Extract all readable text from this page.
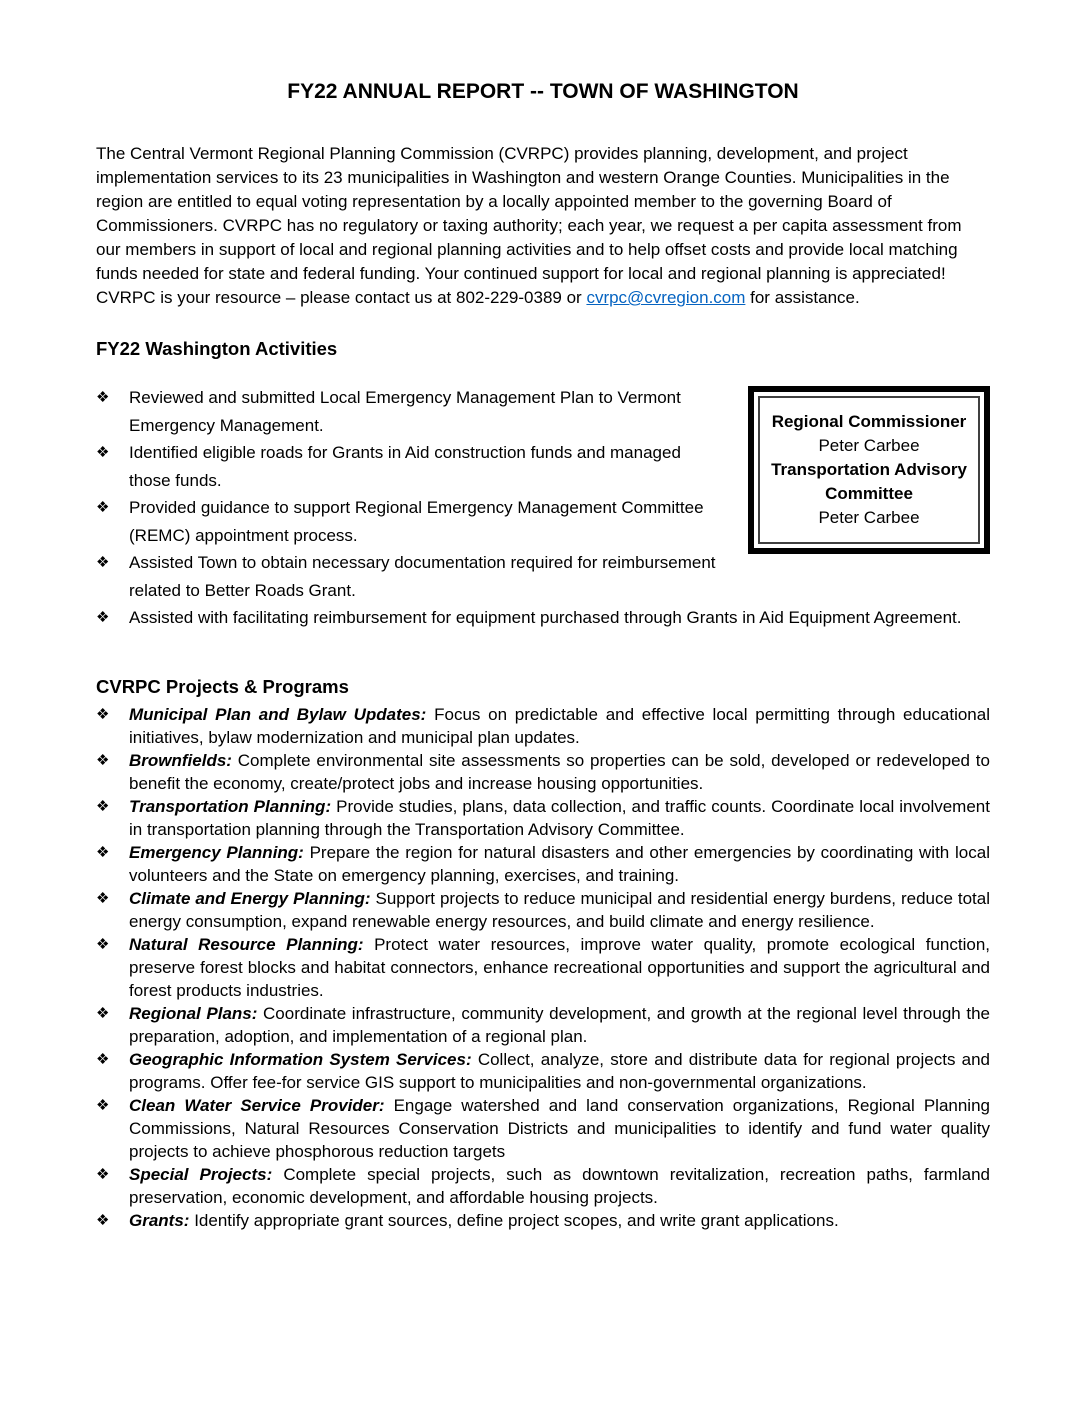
FY22 ANNUAL REPORT -- TOWN OF WASHINGTON

The Central Vermont Regional Planning Commission (CVRPC) provides planning, development, and project implementation services to its 23 municipalities in Washington and western Orange Counties. Municipalities in the region are entitled to equal voting representation by a locally appointed member to the governing Board of Commissioners. CVRPC has no regulatory or taxing authority; each year, we request a per capita assessment from our members in support of local and regional planning activities and to help offset costs and provide local matching funds needed for state and federal funding. Your continued support for local and regional planning is appreciated! CVRPC is your resource – please contact us at 802-229-0389 or cvrpc@cvregion.com for assistance.

FY22 Washington Activities
Regional Commissioner
Peter Carbee
Transportation Advisory Committee
Peter Carbee
❖	Reviewed and submitted Local Emergency Management Plan to Vermont Emergency Management.
❖	Identified eligible roads for Grants in Aid construction funds and managed those funds.
❖	Provided guidance to support Regional Emergency Management Committee (REMC) appointment process.
❖	Assisted Town to obtain necessary documentation required for reimbursement related to Better Roads Grant.
❖	Assisted with facilitating reimbursement for equipment purchased through Grants in Aid Equipment Agreement.
CVRPC Projects & Programs
❖	Municipal Plan and Bylaw Updates: Focus on predictable and effective local permitting through educational initiatives, bylaw modernization and municipal plan updates.
❖	Brownfields: Complete environmental site assessments so properties can be sold, developed or redeveloped to benefit the economy, create/protect jobs and increase housing opportunities.
❖	Transportation Planning: Provide studies, plans, data collection, and traffic counts. Coordinate local involvement in transportation planning through the Transportation Advisory Committee.
❖	Emergency Planning: Prepare the region for natural disasters and other emergencies by coordinating with local volunteers and the State on emergency planning, exercises, and training.
❖	Climate and Energy Planning: Support projects to reduce municipal and residential energy burdens, reduce total energy consumption, expand renewable energy resources, and build climate and energy resilience.
❖	Natural Resource Planning: Protect water resources, improve water quality, promote ecological function, preserve forest blocks and habitat connectors, enhance recreational opportunities and support the agricultural and forest products industries.
❖	Regional Plans: Coordinate infrastructure, community development, and growth at the regional level through the preparation, adoption, and implementation of a regional plan.
❖	Geographic Information System Services: Collect, analyze, store and distribute data for regional projects and programs. Offer fee-for service GIS support to municipalities and non-governmental organizations.
❖	Clean Water Service Provider: Engage watershed and land conservation organizations, Regional Planning Commissions, Natural Resources Conservation Districts and municipalities to identify and fund water quality projects to achieve phosphorous reduction targets
❖	Special Projects: Complete special projects, such as downtown revitalization, recreation paths, farmland preservation, economic development, and affordable housing projects.
❖	Grants: Identify appropriate grant sources, define project scopes, and write grant applications.
